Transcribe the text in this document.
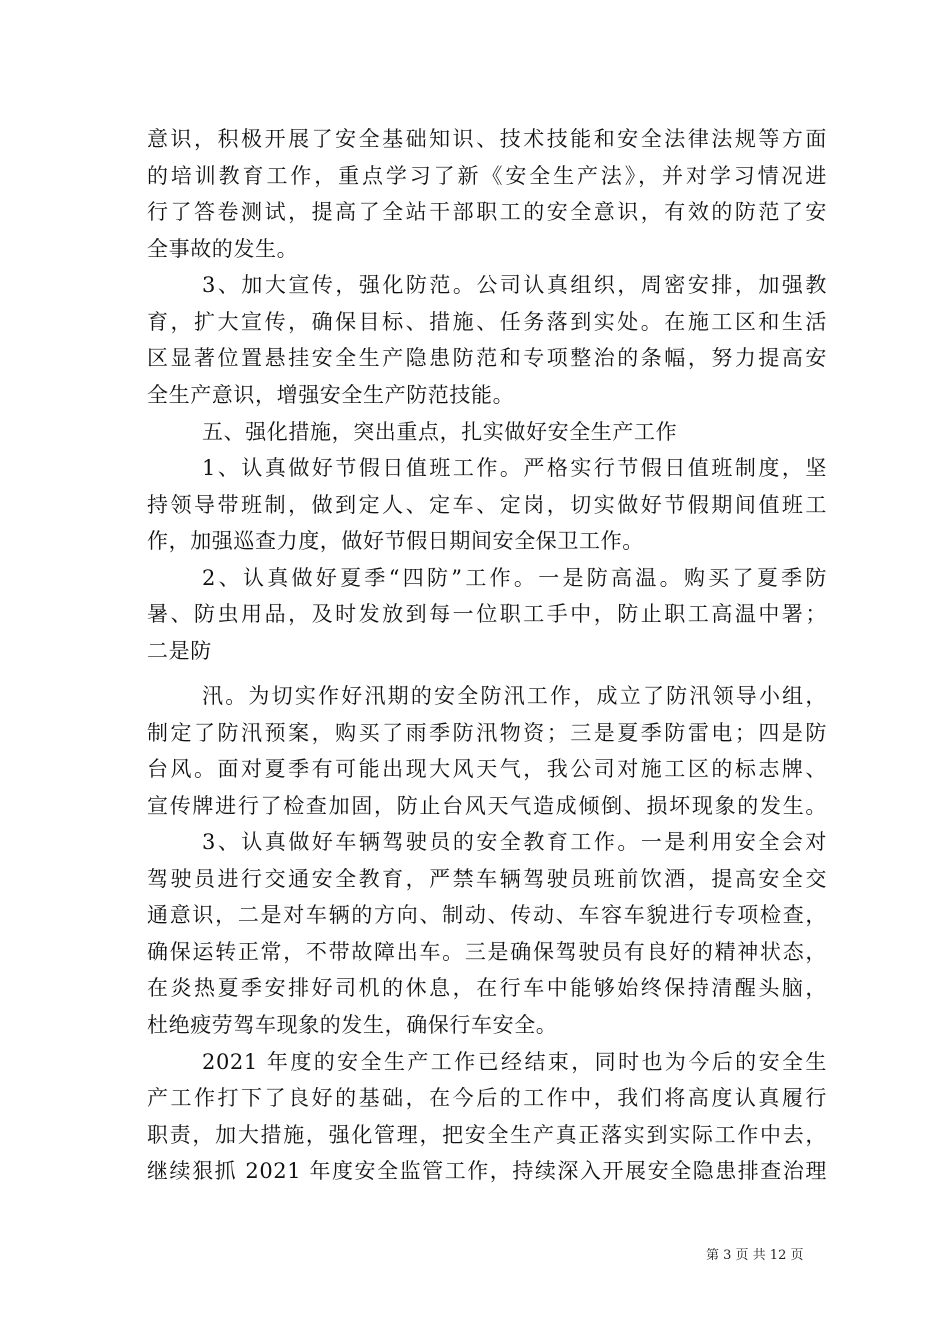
意识，积极开展了安全基础知识、技术技能和安全法律法规等方面
的培训教育工作，重点学习了新《安全生产法》，并对学习情况进
行了答卷测试，提高了全站干部职工的安全意识，有效的防范了安
全事故的发生。
3、加大宣传，强化防范。公司认真组织，周密安排，加强教
育，扩大宣传，确保目标、措施、任务落到实处。在施工区和生活
区显著位置悬挂安全生产隐患防范和专项整治的条幅，努力提高安
全生产意识，增强安全生产防范技能。
五、强化措施，突出重点，扎实做好安全生产工作
1、认真做好节假日值班工作。严格实行节假日值班制度，坚
持领导带班制，做到定人、定车、定岗，切实做好节假期间值班工
作，加强巡查力度，做好节假日期间安全保卫工作。
2、认真做好夏季“四防”工作。一是防高温。购买了夏季防
暑、防虫用品，及时发放到每一位职工手中，防止职工高温中署；
二是防
汛。为切实作好汛期的安全防汛工作，成立了防汛领导小组，
制定了防汛预案，购买了雨季防汛物资；三是夏季防雷电；四是防
台风。面对夏季有可能出现大风天气，我公司对施工区的标志牌、
宣传牌进行了检查加固，防止台风天气造成倾倒、损坏现象的发生。
3、认真做好车辆驾驶员的安全教育工作。一是利用安全会对
驾驶员进行交通安全教育，严禁车辆驾驶员班前饮酒，提高安全交
通意识，二是对车辆的方向、制动、传动、车容车貌进行专项检查，
确保运转正常，不带故障出车。三是确保驾驶员有良好的精神状态，
在炎热夏季安排好司机的休息，在行车中能够始终保持清醒头脑，
杜绝疲劳驾车现象的发生，确保行车安全。
2021 年度的安全生产工作已经结束，同时也为今后的安全生
产工作打下了良好的基础，在今后的工作中，我们将高度认真履行
职责，加大措施，强化管理，把安全生产真正落实到实际工作中去，
继续狠抓 2021 年度安全监管工作，持续深入开展安全隐患排查治理
第 3 页 共 12 页
